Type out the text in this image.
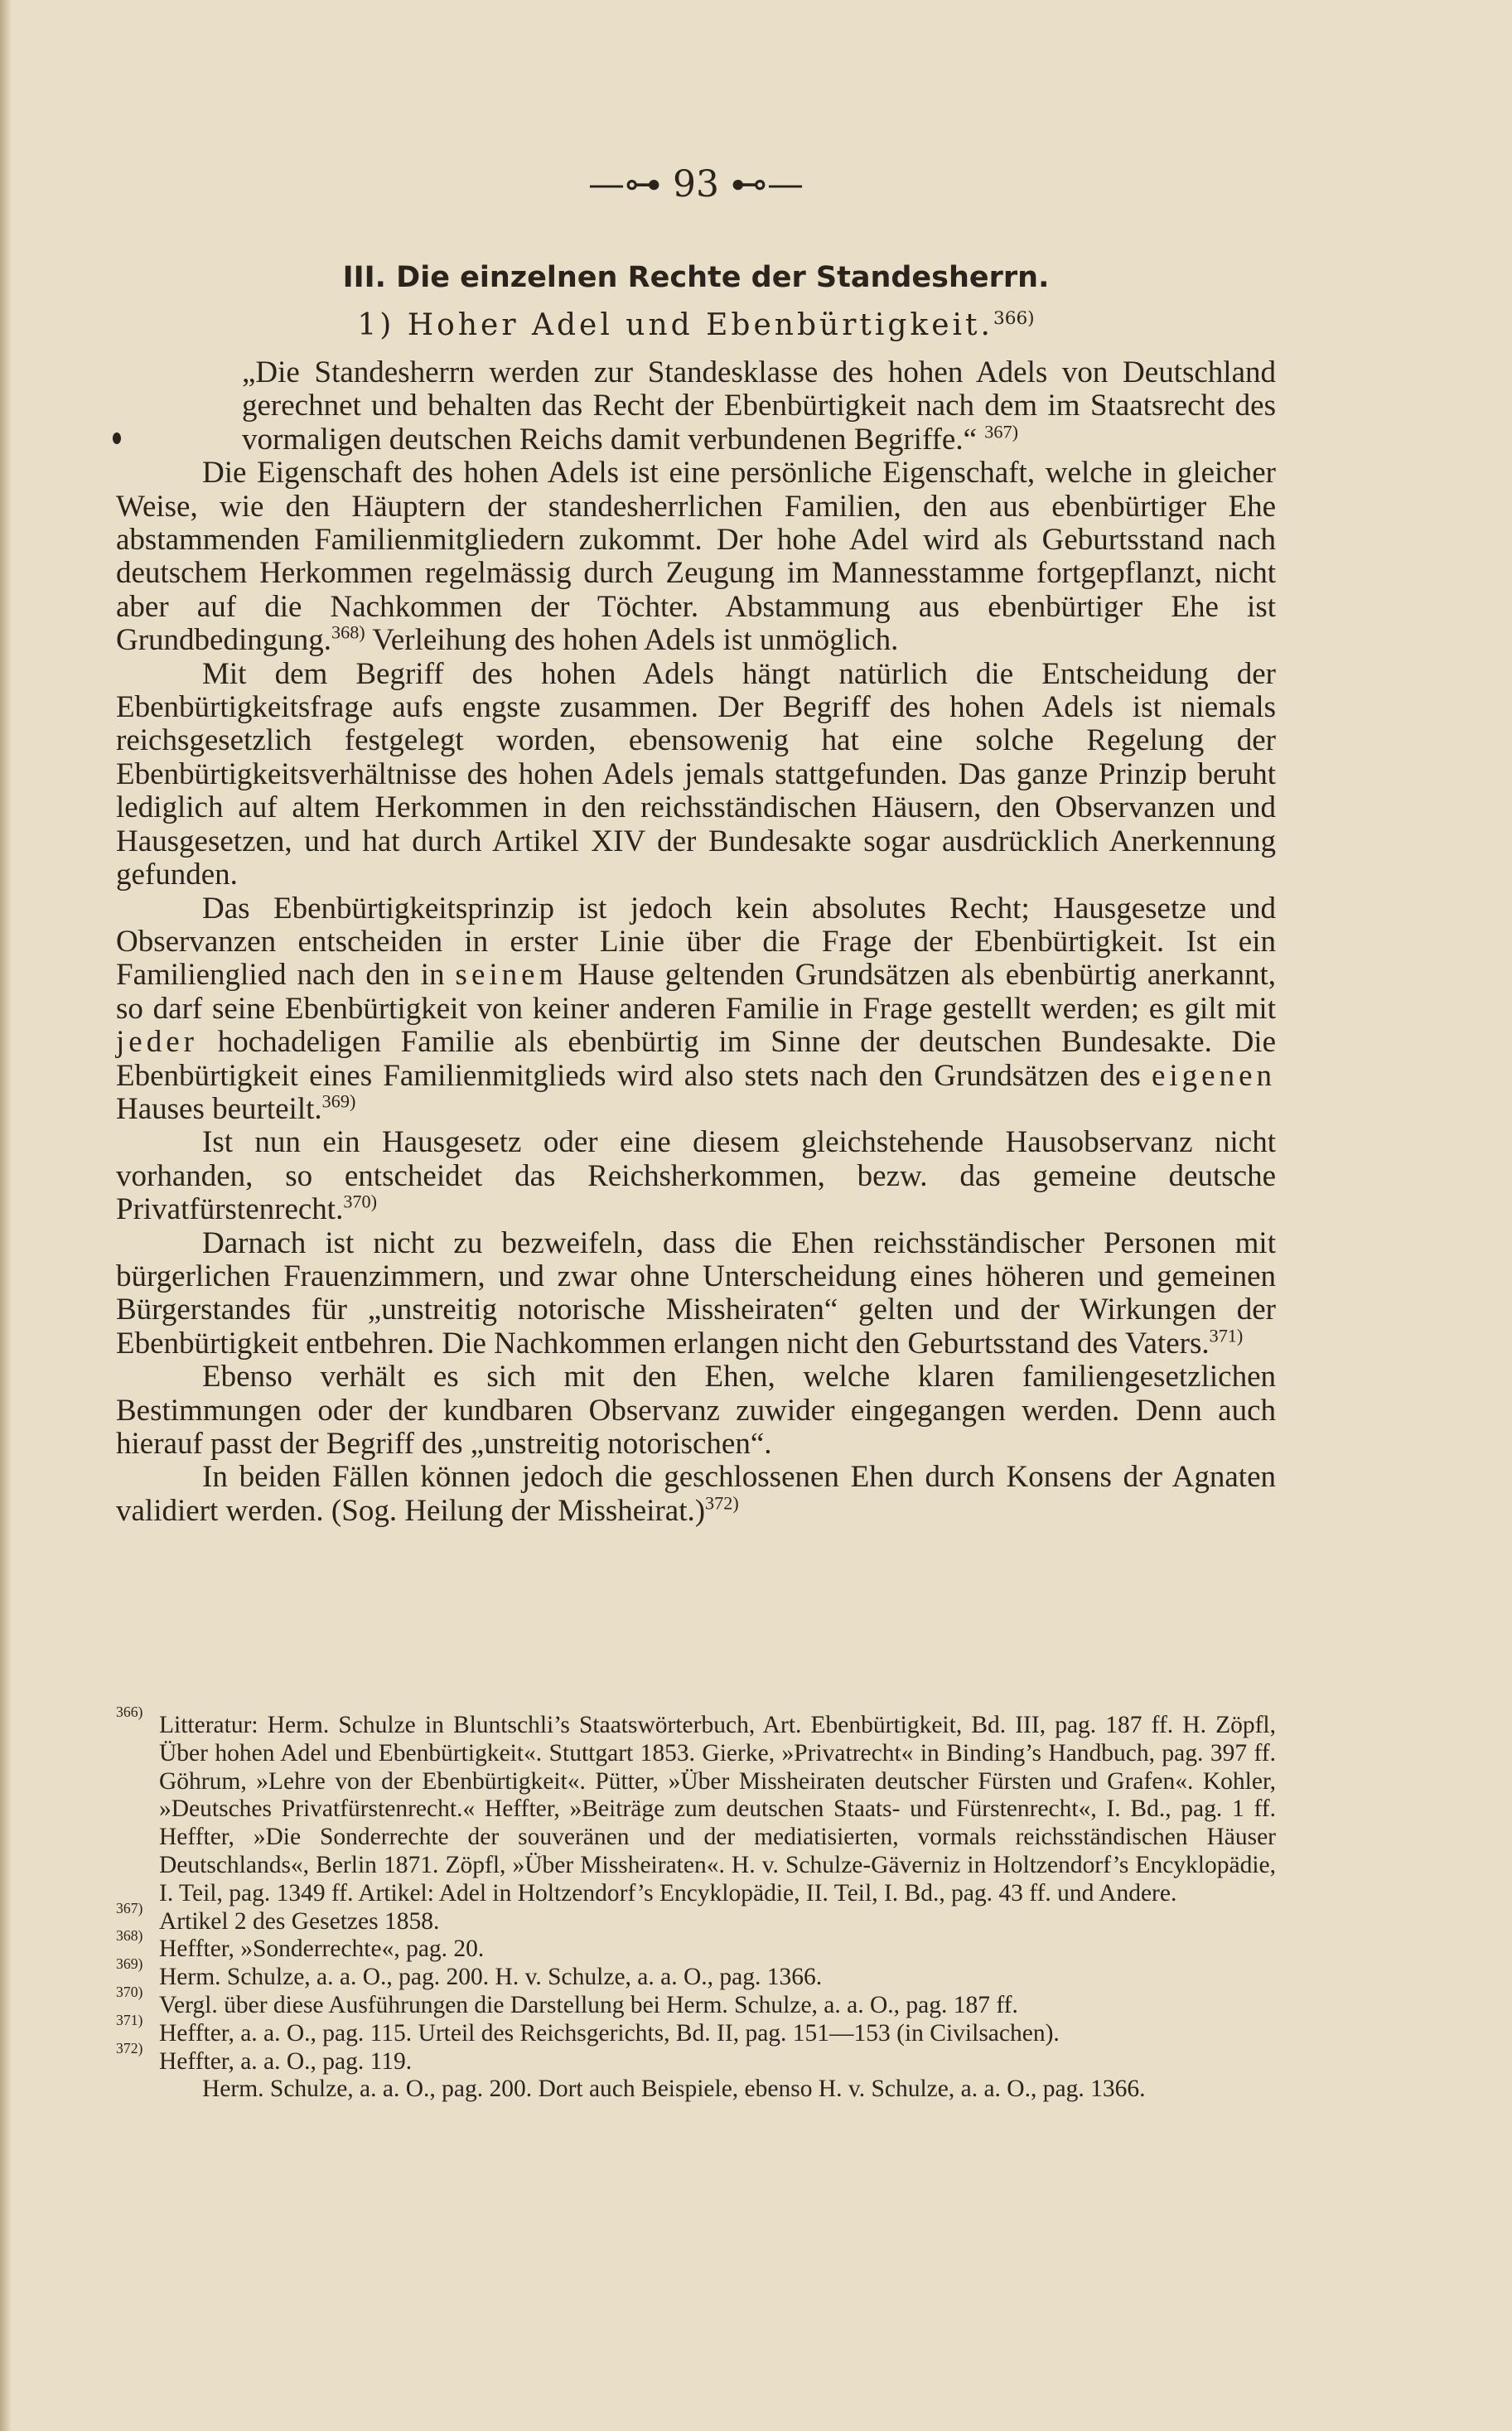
—⊶ 93 ⊷—
III. Die einzelnen Rechte der Standesherrn.
1) Hoher Adel und Ebenbürtigkeit.$^{366)}$

„Die Standesherrn werden zur Standesklasse des hohen Adels von Deutschland gerechnet und behalten das Recht der Ebenbürtigkeit nach dem im Staatsrecht des vormaligen deutschen Reichs damit verbundenen Begriffe.“ $^{367)}$

Die Eigenschaft des hohen Adels ist eine persönliche Eigenschaft, welche in gleicher Weise, wie den Häuptern der standesherrlichen Familien, den aus ebenbürtiger Ehe abstammenden Familienmitgliedern zukommt. Der hohe Adel wird als Geburtsstand nach deutschem Herkommen regelmässig durch Zeugung im Mannesstamme fortgepflanzt, nicht aber auf die Nachkommen der Töchter. Abstammung aus ebenbürtiger Ehe ist Grundbedingung.$^{368)}$ Verleihung des hohen Adels ist unmöglich.

Mit dem Begriff des hohen Adels hängt natürlich die Entscheidung der Ebenbürtigkeitsfrage aufs engste zusammen. Der Begriff des hohen Adels ist niemals reichsgesetzlich festgelegt worden, ebensowenig hat eine solche Regelung der Ebenbürtigkeitsverhältnisse des hohen Adels jemals stattgefunden. Das ganze Prinzip beruht lediglich auf altem Herkommen in den reichsständischen Häusern, den Observanzen und Hausgesetzen, und hat durch Artikel XIV der Bundesakte sogar ausdrücklich Anerkennung gefunden.

Das Ebenbürtigkeitsprinzip ist jedoch kein absolutes Recht; Hausgesetze und Observanzen entscheiden in erster Linie über die Frage der Ebenbürtigkeit. Ist ein Familienglied nach den in seinem Hause geltenden Grundsätzen als ebenbürtig anerkannt, so darf seine Ebenbürtigkeit von keiner anderen Familie in Frage gestellt werden; es gilt mit jeder hochadeligen Familie als ebenbürtig im Sinne der deutschen Bundesakte. Die Ebenbürtigkeit eines Familienmitglieds wird also stets nach den Grundsätzen des eigenen Hauses beurteilt.$^{369)}$

Ist nun ein Hausgesetz oder eine diesem gleichstehende Hausobservanz nicht vorhanden, so entscheidet das Reichsherkommen, bezw. das gemeine deutsche Privatfürstenrecht.$^{370)}$

Darnach ist nicht zu bezweifeln, dass die Ehen reichsständischer Personen mit bürgerlichen Frauenzimmern, und zwar ohne Unterscheidung eines höheren und gemeinen Bürgerstandes für „unstreitig notorische Missheiraten“ gelten und der Wirkungen der Ebenbürtigkeit entbehren. Die Nachkommen erlangen nicht den Geburtsstand des Vaters.$^{371)}$

Ebenso verhält es sich mit den Ehen, welche klaren familiengesetzlichen Bestimmungen oder der kundbaren Observanz zuwider eingegangen werden. Denn auch hierauf passt der Begriff des „unstreitig notorischen“.

In beiden Fällen können jedoch die geschlossenen Ehen durch Konsens der Agnaten validiert werden. (Sog. Heilung der Missheirat.)$^{372)}$

366) Litteratur: Herm. Schulze in Bluntschli’s Staatswörterbuch, Art. Ebenbürtigkeit, Bd. III, pag. 187 ff. H. Zöpfl, Über hohen Adel und Ebenbürtigkeit«. Stuttgart 1853. Gierke, »Privatrecht« in Binding’s Handbuch, pag. 397 ff. Göhrum, »Lehre von der Ebenbürtigkeit«. Pütter, »Über Missheiraten deutscher Fürsten und Grafen«. Kohler, »Deutsches Privatfürstenrecht.« Heffter, »Beiträge zum deutschen Staats- und Fürstenrecht«, I. Bd., pag. 1 ff. Heffter, »Die Sonderrechte der souveränen und der mediatisierten, vormals reichsständischen Häuser Deutschlands«, Berlin 1871. Zöpfl, »Über Missheiraten«. H. v. Schulze-Gäverniz in Holtzendorf’s Encyklopädie, I. Teil, pag. 1349 ff. Artikel: Adel in Holtzendorf’s Encyklopädie, II. Teil, I. Bd., pag. 43 ff. und Andere.

367) Artikel 2 des Gesetzes 1858.

368) Heffter, »Sonderrechte«, pag. 20.

369) Herm. Schulze, a. a. O., pag. 200. H. v. Schulze, a. a. O., pag. 1366.

370) Vergl. über diese Ausführungen die Darstellung bei Herm. Schulze, a. a. O., pag. 187 ff.

371) Heffter, a. a. O., pag. 115. Urteil des Reichsgerichts, Bd. II, pag. 151—153 (in Civilsachen).

372) Heffter, a. a. O., pag. 119.

Herm. Schulze, a. a. O., pag. 200. Dort auch Beispiele, ebenso H. v. Schulze, a. a. O., pag. 1366.
